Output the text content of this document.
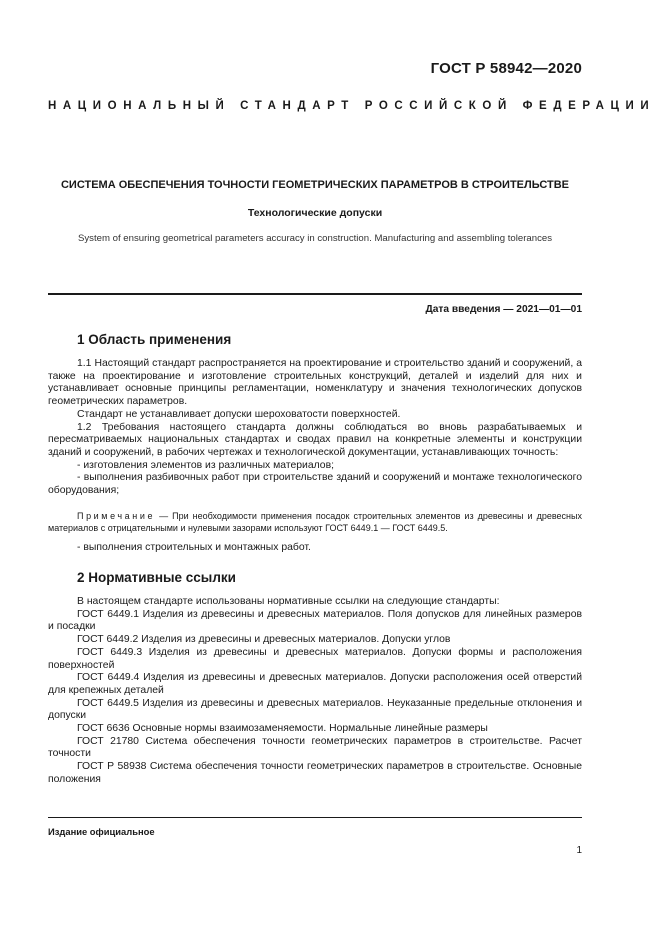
ГОСТ Р 58942—2020
НАЦИОНАЛЬНЫЙ СТАНДАРТ РОССИЙСКОЙ ФЕДЕРАЦИИ
СИСТЕМА ОБЕСПЕЧЕНИЯ ТОЧНОСТИ ГЕОМЕТРИЧЕСКИХ ПАРАМЕТРОВ В СТРОИТЕЛЬСТВЕ
Технологические допуски
System of ensuring geometrical parameters accuracy in construction. Manufacturing and assembling tolerances
Дата введения — 2021—01—01
1 Область применения

1.1 Настоящий стандарт распространяется на проектирование и строительство зданий и сооружений, а также на проектирование и изготовление строительных конструкций, деталей и изделий для них и устанавливает основные принципы регламентации, номенклатуру и значения технологических допусков геометрических параметров.

Стандарт не устанавливает допуски шероховатости поверхностей.

1.2 Требования настоящего стандарта должны соблюдаться во вновь разрабатываемых и пересматриваемых национальных стандартах и сводах правил на конкретные элементы и конструкции зданий и сооружений, в рабочих чертежах и технологической документации, устанавливающих точность:

- изготовления элементов из различных материалов;

- выполнения разбивочных работ при строительстве зданий и сооружений и монтаже технологического оборудования;

Примечание — При необходимости применения посадок строительных элементов из древесины и древесных материалов с отрицательными и нулевыми зазорами используют ГОСТ 6449.1 — ГОСТ 6449.5.

- выполнения строительных и монтажных работ.

2 Нормативные ссылки

В настоящем стандарте использованы нормативные ссылки на следующие стандарты:

ГОСТ 6449.1 Изделия из древесины и древесных материалов. Поля допусков для линейных размеров и посадки

ГОСТ 6449.2 Изделия из древесины и древесных материалов. Допуски углов

ГОСТ 6449.3 Изделия из древесины и древесных материалов. Допуски формы и расположения поверхностей

ГОСТ 6449.4 Изделия из древесины и древесных материалов. Допуски расположения осей отверстий для крепежных деталей

ГОСТ 6449.5 Изделия из древесины и древесных материалов. Неуказанные предельные отклонения и допуски

ГОСТ 6636 Основные нормы взаимозаменяемости. Нормальные линейные размеры

ГОСТ 21780 Система обеспечения точности геометрических параметров в строительстве. Расчет точности

ГОСТ Р 58938 Система обеспечения точности геометрических параметров в строительстве. Основные положения

Издание официальное
1
